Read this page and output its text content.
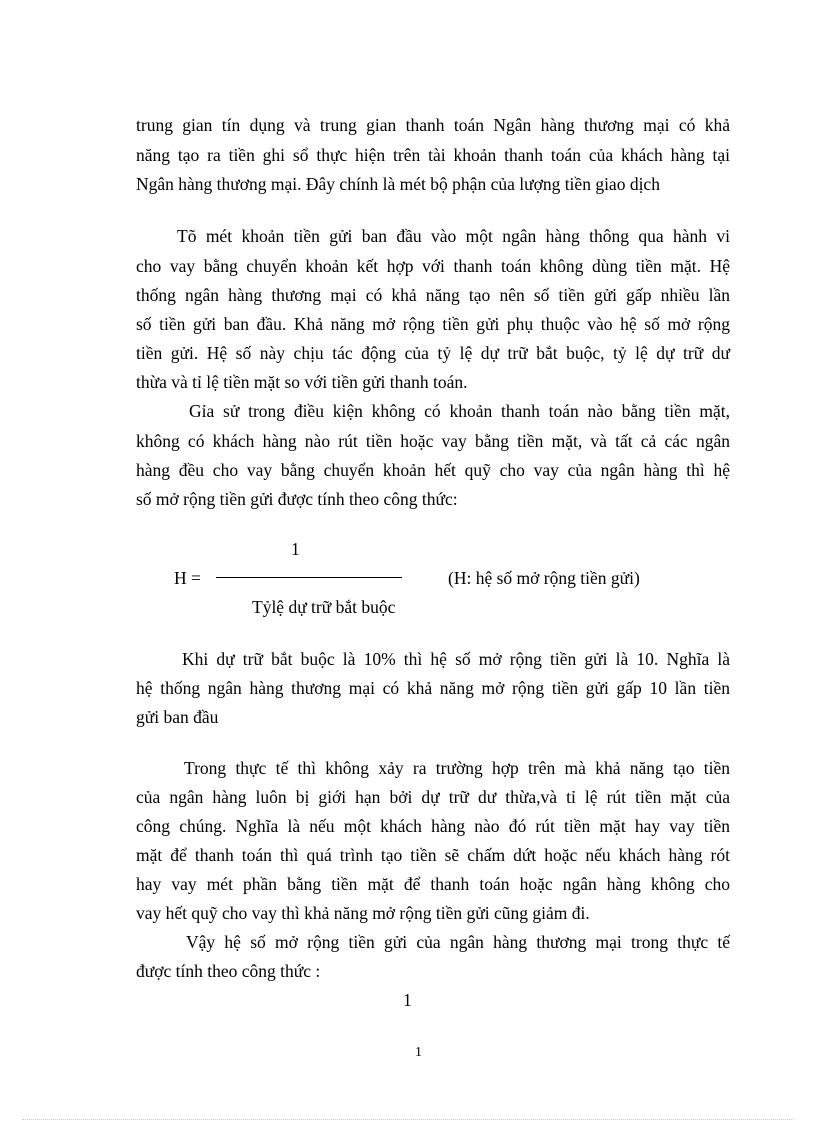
trung gian tín dụng và trung gian thanh toán Ngân hàng thương mại có khả
năng tạo ra tiền ghi sổ thực hiện trên tài khoản thanh toán của khách hàng tại
Ngân hàng thương mại. Đây chính là mét bộ phận của lượng tiền giao dịch
Tõ mét khoản tiền gửi ban đầu vào một ngân hàng thông qua hành vi
cho vay bằng chuyển khoản kết hợp với thanh toán không dùng tiền mặt. Hệ
thống ngân hàng thương mại có khả năng tạo nên số tiền gửi gấp nhiều lần
số tiền gửi ban đầu. Khả năng mở rộng tiền gửi phụ thuộc vào hệ số mở rộng
tiền gửi. Hệ số này chịu tác động của tỷ lệ dự trữ bắt buộc, tỷ lệ dự trữ dư
thừa và tỉ lệ tiền mặt so với tiền gửi thanh toán.
Gỉa sử trong điều kiện không có khoản thanh toán nào bằng tiền mặt,
không có khách hàng nào rút tiền hoặc vay bằng tiền mặt, và tất cả các ngân
hàng đều cho vay bằng chuyển khoản hết quỹ cho vay của ngân hàng thì hệ
số mở rộng tiền gửi được tính theo công thức:
1
H =	(H: hệ số mở rộng tiền gửi)
Tỷlệ dự trữ bắt buộc
Khi dự trữ bắt buộc là 10% thì hệ số mở rộng tiền gửi là 10. Nghĩa là
hệ thống ngân hàng thương mại có khả năng mở rộng tiền gửi gấp 10 lần tiền
gửi ban đầu
Trong thực tế thì không xảy ra trường hợp trên mà khả năng tạo tiền
của ngân hàng luôn bị giới hạn bởi dự trữ dư thừa,và tỉ lệ rút tiền mặt của
công chúng. Nghĩa là nếu một khách hàng nào đó rút tiền mặt hay vay tiền
mặt để thanh toán thì quá trình tạo tiền sẽ chấm dứt hoặc nếu khách hàng rót
hay vay mét phần bằng tiền mặt để thanh toán hoặc ngân hàng không cho
vay hết quỹ cho vay thì khả năng mở rộng tiền gửi cũng giảm đi.
Vậy hệ số mở rộng tiền gửi của ngân hàng thương mại trong thực tế
được tính theo công thức :
1
1
